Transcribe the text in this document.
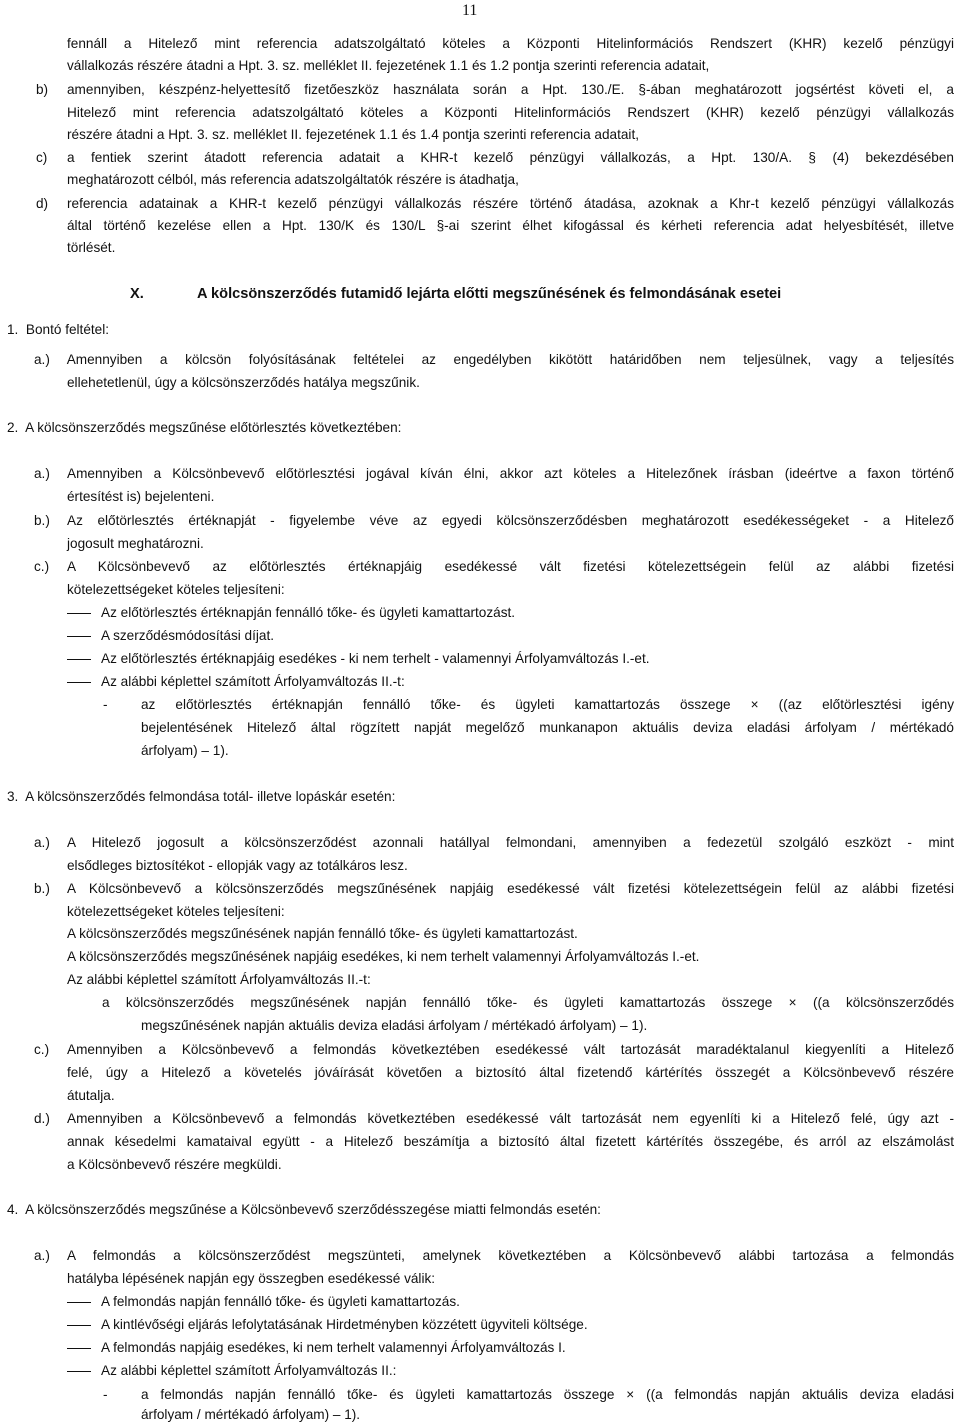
11
fennáll a Hitelező mint referencia adatszolgáltató köteles a Központi Hitelinformációs Rendszert (KHR) kezelő pénzügyi
vállalkozás részére átadni a Hpt. 3. sz. melléklet II. fejezetének 1.1 és 1.2 pontja szerinti referencia adatait,
b) amennyiben, készpénz-helyettesítő fizetőeszköz használata során a Hpt. 130./E. §-ában meghatározott jogsértést követi el, a
Hitelező mint referencia adatszolgáltató köteles a Központi Hitelinformációs Rendszert (KHR) kezelő pénzügyi vállalkozás
részére átadni a Hpt. 3. sz. melléklet II. fejezetének 1.1 és 1.4 pontja szerinti referencia adatait,
c) a fentiek szerint átadott referencia adatait a KHR-t kezelő pénzügyi vállalkozás, a Hpt. 130/A. § (4) bekezdésében
meghatározott célból, más referencia adatszolgáltatók részére is átadhatja,
d) referencia adatainak a KHR-t kezelő pénzügyi vállalkozás részére történő átadása, azoknak a Khr-t kezelő pénzügyi vállalkozás
által történő kezelése ellen a Hpt. 130/K és 130/L §-ai szerint élhet kifogással és kérheti referencia adat helyesbítését, illetve
törlését.
X.	A kölcsönszerződés futamidő lejárta előtti megszűnésének és felmondásának esetei
1.  Bontó feltétel:
a.) Amennyiben a kölcsön folyósításának feltételei az engedélyben kikötött határidőben nem teljesülnek, vagy a teljesítés
ellehetetlenül, úgy a kölcsönszerződés hatálya megszűnik.
2.  A kölcsönszerződés megszűnése előtörlesztés következtében:
a.) Amennyiben a Kölcsönbevevő előtörlesztési jogával kíván élni, akkor azt köteles a Hitelezőnek írásban (ideértve a faxon történő
értesítést is) bejelenteni.
b.) Az előtörlesztés értéknapját - figyelembe véve az egyedi kölcsönszerződésben meghatározott esedékességeket - a Hitelező
jogosult meghatározni.
c.) A Kölcsönbevevő az előtörlesztés értéknapjáig esedékessé vált fizetési kötelezettségein felül az alábbi fizetési
kötelezettségeket köteles teljesíteni:
Az előtörlesztés értéknapján fennálló tőke- és ügyleti kamattartozást.
A szerződésmódosítási díjat.
Az előtörlesztés értéknapjáig esedékes - ki nem terhelt - valamennyi Árfolyamváltozás I.-et.
Az alábbi képlettel számított Árfolyamváltozás II.-t:
- az előtörlesztés értéknapján fennálló tőke- és ügyleti kamattartozás összege × ((az előtörlesztési igény
bejelentésének Hitelező által rögzített napját megelőző munkanapon aktuális deviza eladási árfolyam / mértékadó
árfolyam) – 1).
3.  A kölcsönszerződés felmondása totál- illetve lopáskár esetén:
a.) A Hitelező jogosult a kölcsönszerződést azonnali hatállyal felmondani, amennyiben a fedezetül szolgáló eszközt - mint
elsődleges biztosítékot - ellopják vagy az totálkáros lesz.
b.) A Kölcsönbevevő a kölcsönszerződés megszűnésének napjáig esedékessé vált fizetési kötelezettségein felül az alábbi fizetési
kötelezettségeket köteles teljesíteni:
A kölcsönszerződés megszűnésének napján fennálló tőke- és ügyleti kamattartozást.
A kölcsönszerződés megszűnésének napjáig esedékes, ki nem terhelt valamennyi Árfolyamváltozás I.-et.
Az alábbi képlettel számított Árfolyamváltozás II.-t:
a kölcsönszerződés megszűnésének napján fennálló tőke- és ügyleti kamattartozás összege × ((a kölcsönszerződés
megszűnésének napján aktuális deviza eladási árfolyam / mértékadó árfolyam) – 1).
c.) Amennyiben a Kölcsönbevevő a felmondás következtében esedékessé vált tartozását maradéktalanul kiegyenlíti a Hitelező
felé, úgy a Hitelező a követelés jóváírását követően a biztosító által fizetendő kártérítés összegét a Kölcsönbevevő részére
átutalja.
d.) Amennyiben a Kölcsönbevevő a felmondás következtében esedékessé vált tartozását nem egyenlíti ki a Hitelező felé, úgy azt -
annak késedelmi kamataival együtt - a Hitelező beszámítja a biztosító által fizetett kártérítés összegébe, és arról az elszámolást
a Kölcsönbevevő részére megküldi.
4.  A kölcsönszerződés megszűnése a Kölcsönbevevő szerződésszegése miatti felmondás esetén:
a.) A felmondás a kölcsönszerződést megszünteti, amelynek következtében a Kölcsönbevevő alábbi tartozása a felmondás
hatályba lépésének napján egy összegben esedékessé válik:
A felmondás napján fennálló tőke- és ügyleti kamattartozás.
A kintlévőségi eljárás lefolytatásának Hirdetményben közzétett ügyviteli költsége.
A felmondás napjáig esedékes, ki nem terhelt valamennyi Árfolyamváltozás I.
Az alábbi képlettel számított Árfolyamváltozás II.:
- a felmondás napján fennálló tőke- és ügyleti kamattartozás összege × ((a felmondás napján aktuális deviza eladási
árfolyam / mértékadó árfolyam) – 1).
